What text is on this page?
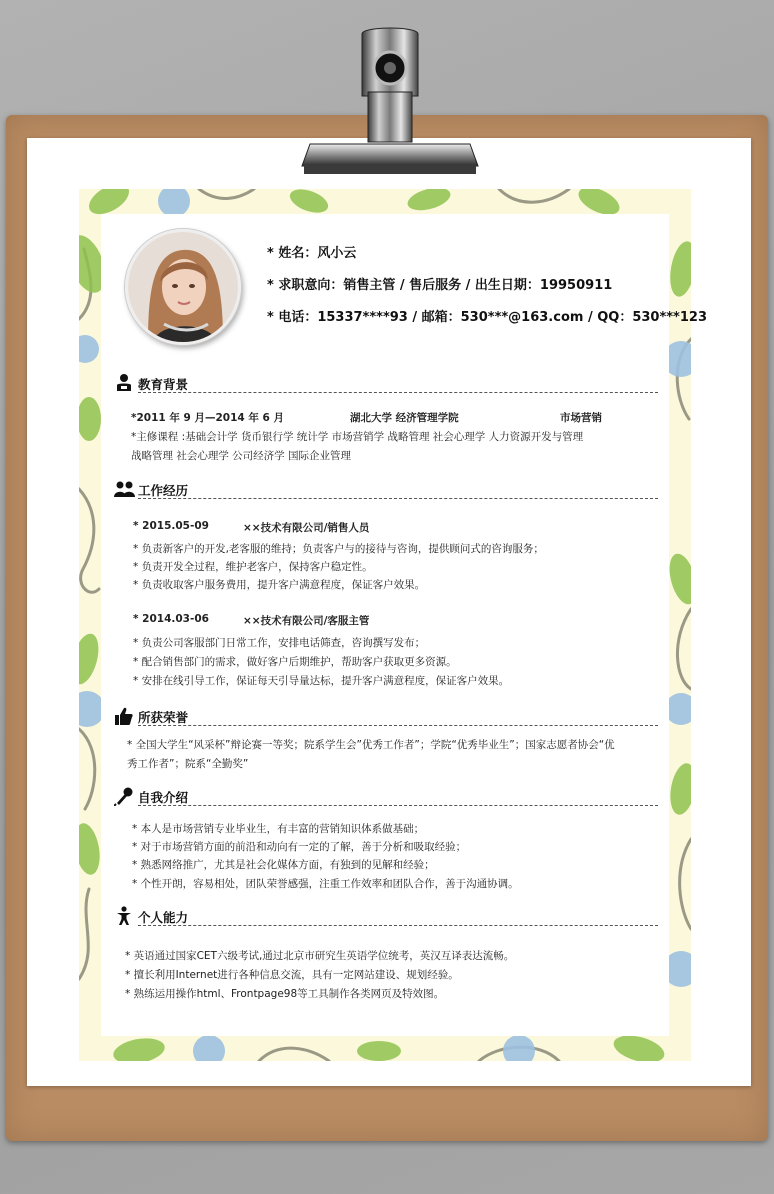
* 姓名：风小云
* 求职意向：销售主管 / 售后服务 / 出生日期：19950911
* 电话：15337****93 / 邮箱：530***@163.com / QQ：530***123
教育背景
*2011 年 9 月—2014 年 6 月	湖北大学 经济管理学院	市场营销
*主修课程 :基础会计学 货币银行学 统计学 市场营销学 战略管理 社会心理学 人力资源开发与管理
战略管理 社会心理学 公司经济学 国际企业管理
工作经历
* 2015.05-09	××技术有限公司/销售人员
* 负责新客户的开发,老客服的维持；负责客户与的接待与咨询，提供顾问式的咨询服务；
* 负责开发全过程，维护老客户，保持客户稳定性。
* 负责收取客户服务费用，提升客户满意程度，保证客户效果。
* 2014.03-06	××技术有限公司/客服主管
* 负责公司客服部门日常工作，安排电话筛查，咨询撰写发布；
* 配合销售部门的需求，做好客户后期维护，帮助客户获取更多资源。
* 安排在线引导工作，保证每天引导量达标，提升客户满意程度，保证客户效果。
所获荣誉
* 全国大学生“风采杯”辩论赛一等奖；院系学生会”优秀工作者”；学院“优秀毕业生”；国家志愿者协会“优
秀工作者”；院系“全勤奖”
自我介绍
* 本人是市场营销专业毕业生，有丰富的营销知识体系做基础；
* 对于市场营销方面的前沿和动向有一定的了解，善于分析和吸取经验；
* 熟悉网络推广，尤其是社会化媒体方面，有独到的见解和经验；
* 个性开朗，容易相处，团队荣誉感强，注重工作效率和团队合作，善于沟通协调。
个人能力
* 英语通过国家CET六级考试,通过北京市研究生英语学位统考，英汉互译表达流畅。
* 擅长利用Internet进行各种信息交流，具有一定网站建设、规划经验。
* 熟练运用操作html、Frontpage98等工具制作各类网页及特效图。
